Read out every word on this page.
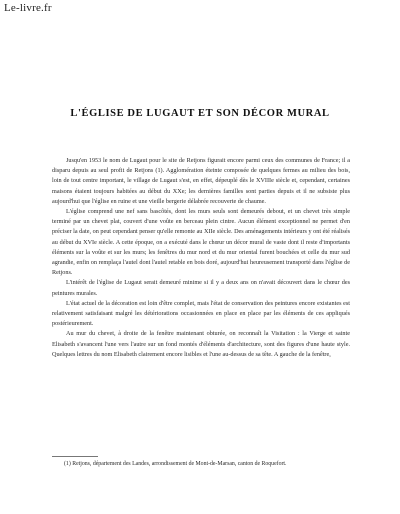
Le-livre.fr
L'ÉGLISE DE LUGAUT ET SON DÉCOR MURAL

Jusqu'en 1953 le nom de Lugaut pour le site de Retjons figurait encore parmi ceux des communes de France; il a disparu depuis au seul profit de Retjons (1). Agglomération éteinte composée de quelques fermes au milieu des bois, loin de tout centre important, le village de Lugaut s'est, en effet, dépeuplé dès le XVIIIe siècle et, cependant, certaines maisons étaient toujours habitées au début du XXe; les dernières familles sont parties depuis et il ne subsiste plus aujourd'hui que l'église en ruine et une vieille bergerie délabrée recouverte de chaume.

L'église comprend une nef sans bascôtés, dont les murs seuls sont demeurés debout, et un chevet très simple terminé par un chevet plat, couvert d'une voûte en berceau plein cintre. Aucun élément exceptionnel ne permet d'en préciser la date, on peut cependant penser qu'elle remonte au XIIe siècle. Des aménagements intérieurs y ont été réalisés au début du XVIe siècle. A cette époque, on a exécuté dans le chœur un décor mural de vaste dont il reste d'importants éléments sur la voûte et sur les murs; les fenêtres du mur nord et du mur oriental furent bouchées et celle du mur sud agrandie, enfin on remplaça l'autel dont l'autel retable en bois doré, aujourd'hui heureusement transporté dans l'église de Retjons.

L'intérêt de l'église de Lugaut serait demeuré minime si il y a deux ans on n'avait découvert dans le chœur des peintures murales.

L'état actuel de la décoration est loin d'être complet, mais l'état de conservation des peintures encore existantes est relativement satisfaisant malgré les détériorations occasionnées en place en place par les éléments de ces appliqués postérieurement.

Au mur du chevet, à droite de la fenêtre maintenant obturée, on reconnaît la Visitation : la Vierge et sainte Elisabeth s'avancent l'une vers l'autre sur un fond montés d'éléments d'architecture, sont des figures d'une haute style. Quelques lettres du nom Elisabeth clairement encore lisibles et l'une au-dessus de sa tête. A gauche de la fenêtre,

(1) Retjons, département des Landes, arrondissement de Mont-de-Marsan, canton de Roquefort.
